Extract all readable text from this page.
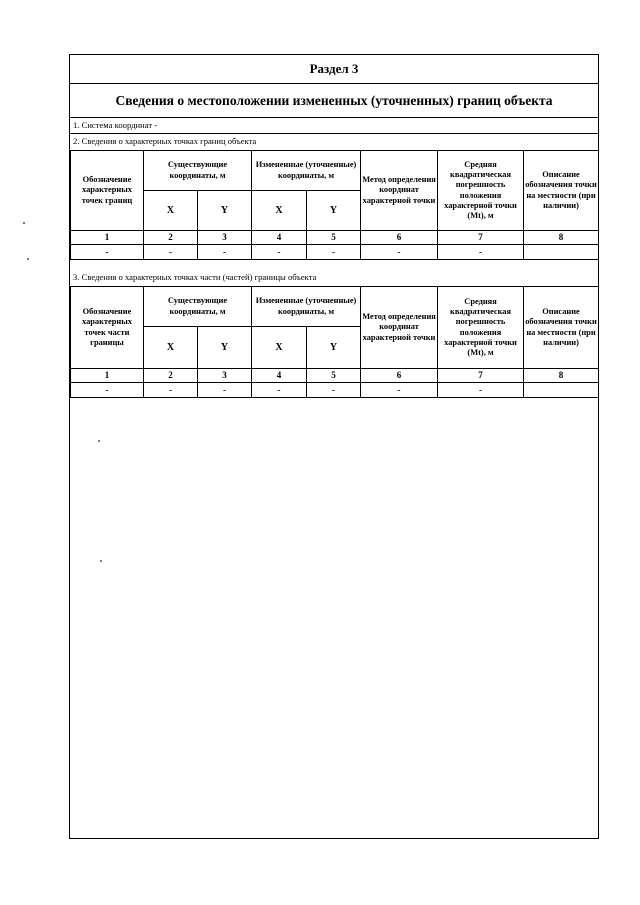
Раздел 3
Сведения о местоположении измененных (уточненных) границ объекта
1. Система координат -
2. Сведения о характерных точках границ объекта
Обозначение характерных точек границ	Существующие координаты, м		Измененные (уточненные) координаты, м		Метод определения координат характерной точки	Средняя квадратическая погрешность положения характерной точки (Mt), м	Описание обозначения точки на местности (при наличии)
	X	Y	X	Y			
1	2	3	4	5	6	7	8
-	-	-	-	-	-	-	
3. Сведения о характерных точках части (частей) границы объекта
Обозначение характерных точек части границы	Существующие координаты, м		Измененные (уточненные) координаты, м		Метод определения координат характерной точки	Средняя квадратическая погрешность положения характерной точки (Mt), м	Описание обозначения точки на местности (при наличии)
	X	Y	X	Y			
1	2	3	4	5	6	7	8
-	-	-	-	-	-	-	
